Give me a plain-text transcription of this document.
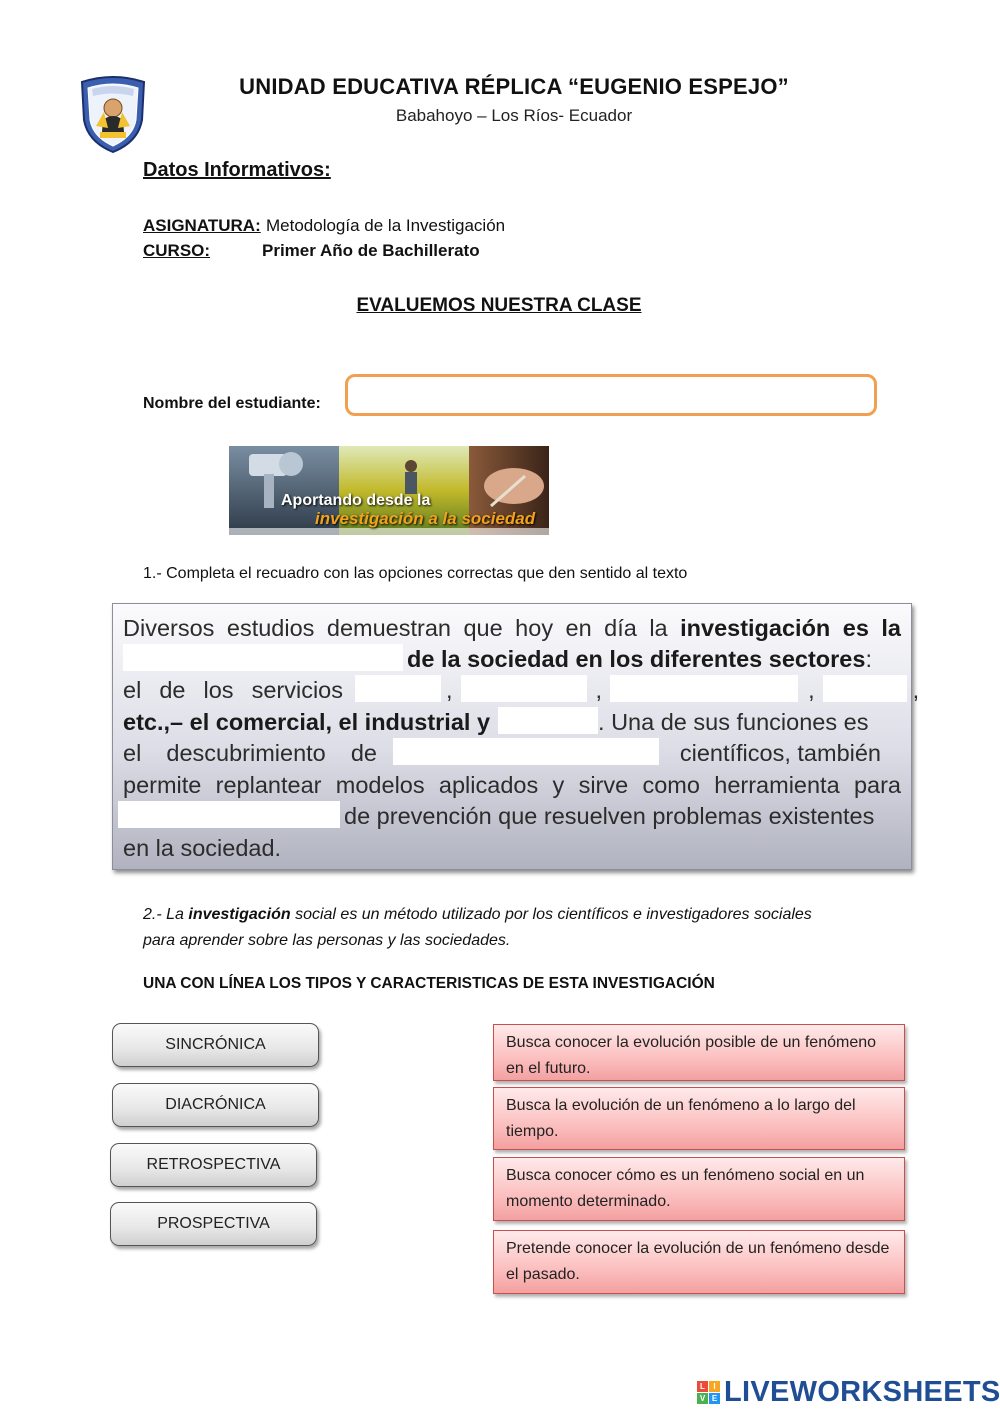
UNIDAD EDUCATIVA RÉPLICA “EUGENIO ESPEJO”
Babahoyo – Los Ríos- Ecuador
Datos Informativos:
ASIGNATURA: Metodología de la Investigación
CURSO:	Primer Año de Bachillerato
EVALUEMOS NUESTRA CLASE
Nombre del estudiante:
Aportando desde la
investigación a la sociedad
1.- Completa el recuadro con las opciones correctas que den sentido al texto
Diversos estudios demuestran que hoy en día la investigación es la
de la sociedad en los diferentes sectores:
el de los servicios	,	,	,	,
etc.,– el comercial, el industrial y	. Una de sus funciones es
el descubrimiento de	científicos, también
permite replantear modelos aplicados y sirve como herramienta para
de prevención que resuelven problemas existentes
en la sociedad.
2.- La investigación social es un método utilizado por los científicos e investigadores sociales
para aprender sobre las personas y las sociedades.
UNA CON LÍNEA LOS TIPOS Y CARACTERISTICAS DE ESTA INVESTIGACIÓN
SINCRÓNICA
DIACRÓNICA
RETROSPECTIVA
PROSPECTIVA
Busca conocer la evolución posible de un fenómeno en el futuro.
Busca la evolución de un fenómeno a lo largo del tiempo.
Busca conocer cómo es un fenómeno social en un momento determinado.
Pretende conocer la evolución de un fenómeno desde el pasado.
L	I
V E LIVEWORKSHEETS
